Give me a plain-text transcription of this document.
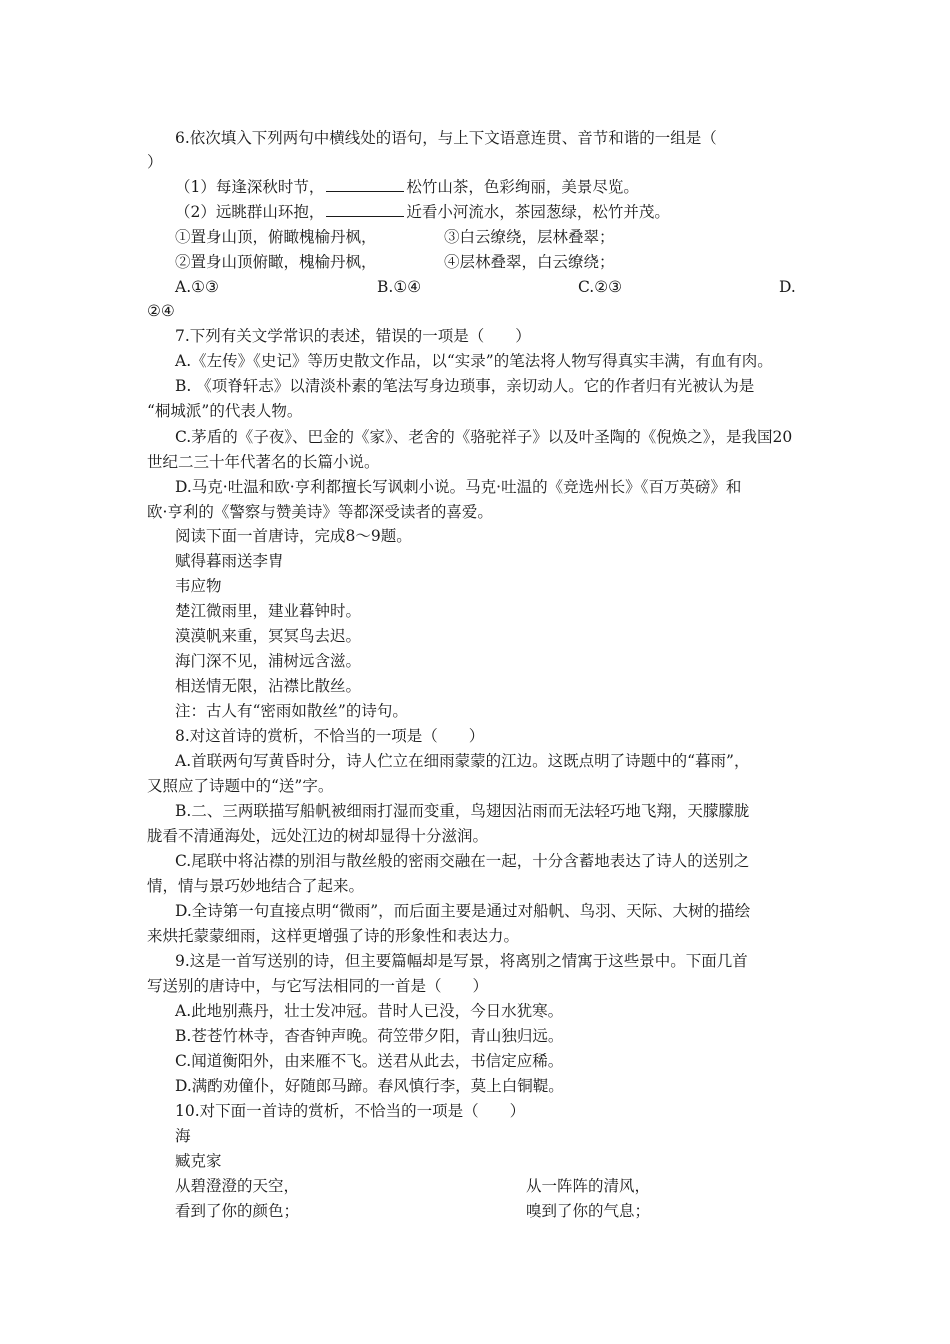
6.依次填入下列两句中横线处的语句，与上下文语意连贯、音节和谐的一组是（
）
（1）每逢深秋时节，	松竹山茶，色彩绚丽，美景尽览。
（2）远眺群山环抱，	近看小河流水，茶园葱绿，松竹并茂。
①置身山顶，俯瞰槐榆丹枫，	③白云缭绕，层林叠翠；
②置身山顶俯瞰，槐榆丹枫，	④层林叠翠，白云缭绕；
A.①③	B.①④	C.②③	D.
②④
7.下列有关文学常识的表述，错误的一项是（　　）
A.《左传》《史记》等历史散文作品，以“实录”的笔法将人物写得真实丰满，有血有肉。
B. 《项脊轩志》以清淡朴素的笔法写身边琐事，亲切动人。它的作者归有光被认为是
“桐城派”的代表人物。
C.茅盾的《子夜》、巴金的《家》、老舍的《骆驼祥子》以及叶圣陶的《倪焕之》，是我国20
世纪二三十年代著名的长篇小说。
D.马克·吐温和欧·亨利都擅长写讽刺小说。马克·吐温的《竞选州长》《百万英磅》和
欧·亨利的《警察与赞美诗》等都深受读者的喜爱。
阅读下面一首唐诗，完成8～9题。
赋得暮雨送李胄
韦应物
楚江微雨里，建业暮钟时。
漠漠帆来重，冥冥鸟去迟。
海门深不见，浦树远含滋。
相送情无限，沾襟比散丝。
注：古人有“密雨如散丝”的诗句。
8.对这首诗的赏析，不恰当的一项是（　　）
A.首联两句写黄昏时分，诗人伫立在细雨蒙蒙的江边。这既点明了诗题中的“暮雨”，
又照应了诗题中的“送”字。
B.二、三两联描写船帆被细雨打湿而变重，鸟翅因沾雨而无法轻巧地飞翔，天朦朦胧
胧看不清通海处，远处江边的树却显得十分滋润。
C.尾联中将沾襟的别泪与散丝般的密雨交融在一起，十分含蓄地表达了诗人的送别之
情，情与景巧妙地结合了起来。
D.全诗第一句直接点明“微雨”，而后面主要是通过对船帆、鸟羽、天际、大树的描绘
来烘托蒙蒙细雨，这样更增强了诗的形象性和表达力。
9.这是一首写送别的诗，但主要篇幅却是写景，将离别之情寓于这些景中。下面几首
写送别的唐诗中，与它写法相同的一首是（　　）
A.此地别燕丹，壮士发冲冠。昔时人已没，今日水犹寒。
B.苍苍竹林寺，杳杳钟声晚。荷笠带夕阳，青山独归远。
C.闻道衡阳外，由来雁不飞。送君从此去，书信定应稀。
D.满酌劝僮仆，好随郎马蹄。春风慎行李，莫上白铜鞮。
10.对下面一首诗的赏析，不恰当的一项是（　　）
海
臧克家
从碧澄澄的天空，	从一阵阵的清风，
看到了你的颜色；	嗅到了你的气息；
